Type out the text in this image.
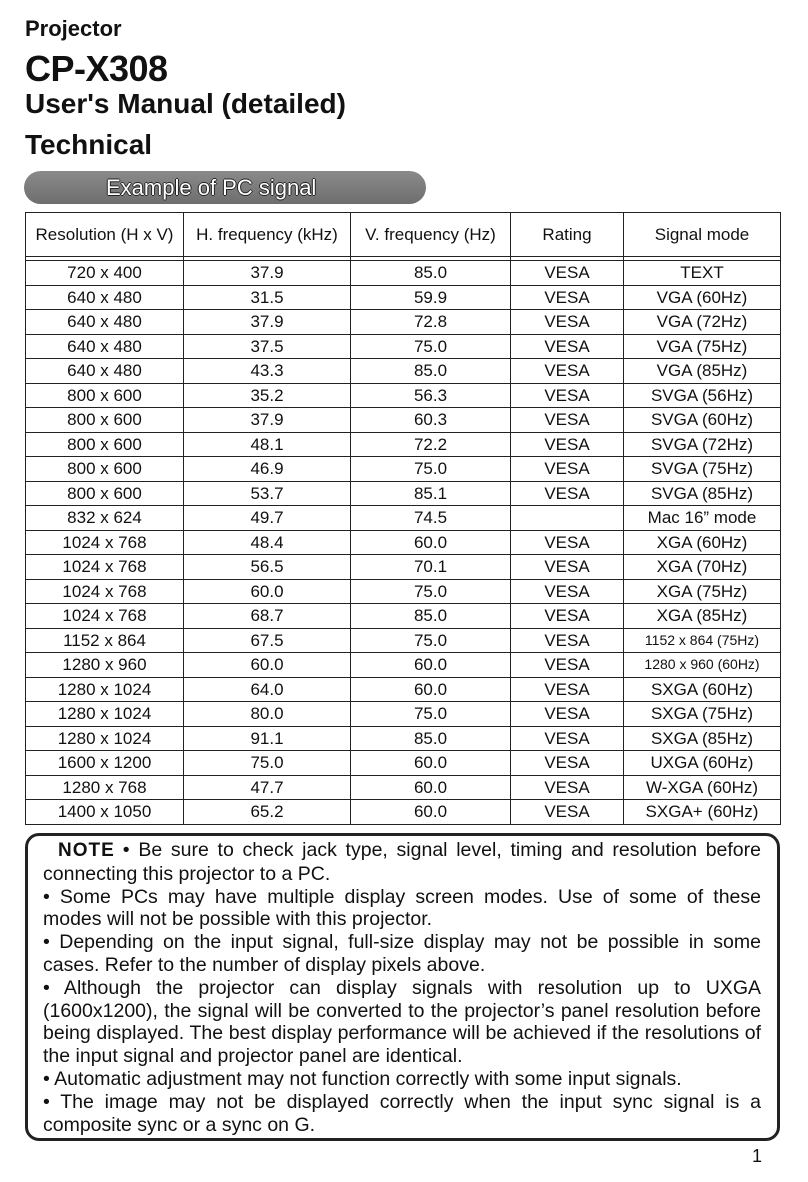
Projector
CP-X308
User's Manual (detailed)
Technical
Example of PC signal
Resolution (H x V)	H. frequency (kHz)	V. frequency (Hz)	Rating	Signal mode

720 x 400	37.9	85.0	VESA	TEXT
640 x 480	31.5	59.9	VESA	VGA (60Hz)
640 x 480	37.9	72.8	VESA	VGA (72Hz)
640 x 480	37.5	75.0	VESA	VGA (75Hz)
640 x 480	43.3	85.0	VESA	VGA (85Hz)
800 x 600	35.2	56.3	VESA	SVGA (56Hz)
800 x 600	37.9	60.3	VESA	SVGA (60Hz)
800 x 600	48.1	72.2	VESA	SVGA (72Hz)
800 x 600	46.9	75.0	VESA	SVGA (75Hz)
800 x 600	53.7	85.1	VESA	SVGA (85Hz)
832 x 624	49.7	74.5		Mac 16” mode
1024 x 768	48.4	60.0	VESA	XGA (60Hz)
1024 x 768	56.5	70.1	VESA	XGA (70Hz)
1024 x 768	60.0	75.0	VESA	XGA (75Hz)
1024 x 768	68.7	85.0	VESA	XGA (85Hz)
1152 x 864	67.5	75.0	VESA	1152 x 864 (75Hz)
1280 x 960	60.0	60.0	VESA	1280 x 960 (60Hz)
1280 x 1024	64.0	60.0	VESA	SXGA (60Hz)
1280 x 1024	80.0	75.0	VESA	SXGA (75Hz)
1280 x 1024	91.1	85.0	VESA	SXGA (85Hz)
1600 x 1200	75.0	60.0	VESA	UXGA (60Hz)
1280 x 768	47.7	60.0	VESA	W-XGA (60Hz)
1400 x 1050	65.2	60.0	VESA	SXGA+ (60Hz)

NOTE • Be sure to check jack type, signal level, timing and resolution before connecting this projector to a PC.

• Some PCs may have multiple display screen modes. Use of some of these modes will not be possible with this projector.

• Depending on the input signal, full-size display may not be possible in some cases. Refer to the number of display pixels above.

• Although the projector can display signals with resolution up to UXGA (1600x1200), the signal will be converted to the projector’s panel resolution before being displayed. The best display performance will be achieved if the resolutions of the input signal and projector panel are identical.

• Automatic adjustment may not function correctly with some input signals.

• The image may not be displayed correctly when the input sync signal is a composite sync or a sync on G.

1
